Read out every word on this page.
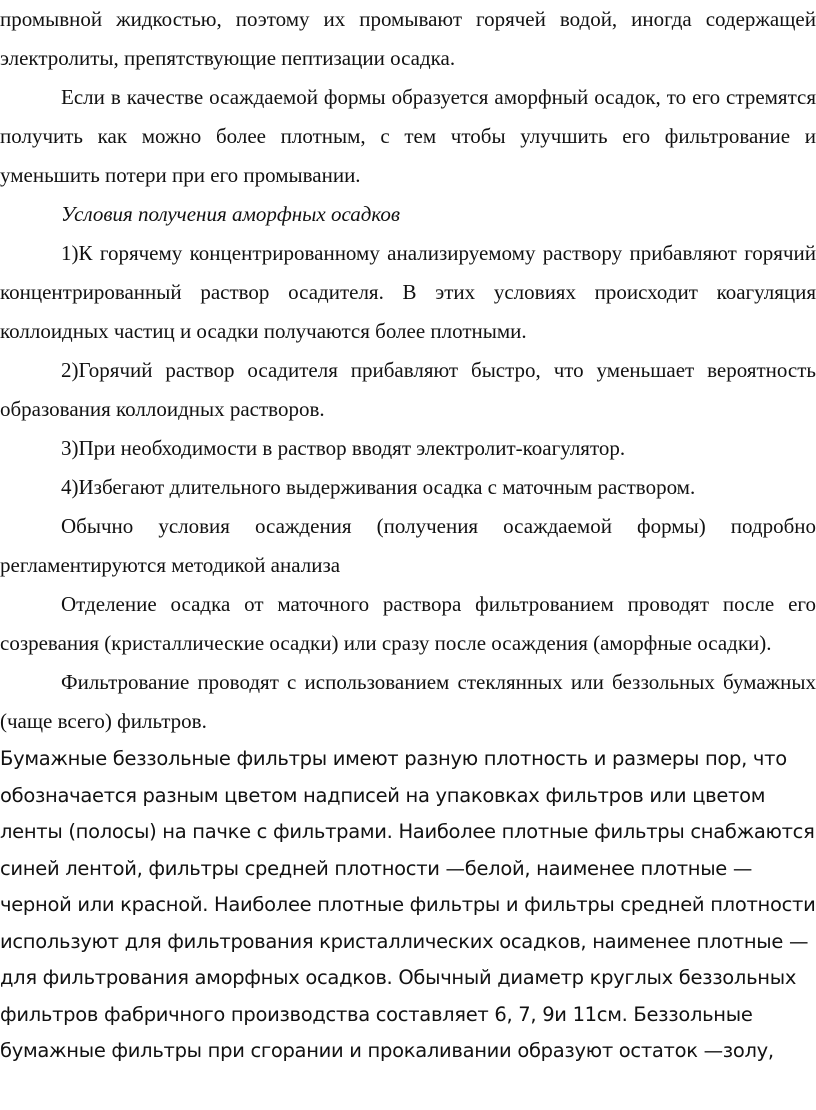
промывной жидкостью, поэтому их промывают горячей водой, иногда содержащей электролиты, препятствующие пептизации осадка.

Если в качестве осаждаемой формы образуется аморфный осадок, то его стремятся получить как можно более плотным, с тем чтобы улучшить его фильтрование и уменьшить потери при его промывании.

Условия получения аморфных осадков

1)К горячему концентрированному анализируемому раствору прибавляют горячий концентрированный раствор осадителя. В этих условиях происходит коагуляция коллоидных частиц и осадки получаются более плотными.

2)Горячий раствор осадителя прибавляют быстро, что уменьшает вероятность образования коллоидных растворов.

3)При необходимости в раствор вводят электролит-коагулятор.

4)Избегают длительного выдерживания осадка с маточным раствором.

Обычно условия осаждения (получения осаждаемой формы) подробно регламентируются методикой анализа

Отделение осадка от маточного раствора фильтрованием проводят после его созревания (кристаллические осадки) или сразу после осаждения (аморфные осадки).

Фильтрование проводят с использованием стеклянных или беззольных бумажных (чаще всего) фильтров.

Бумажные беззольные фильтры имеют разную плотность и размеры пор, что обозначается разным цветом надписей на упаковках фильтров или цветом ленты (полосы) на пачке с фильтрами. Наиболее плотные фильтры снабжаются синей лентой, фильтры средней плотности —белой, наименее плотные —черной или красной. Наиболее плотные фильтры и фильтры средней плотности используют для фильтрования кристаллических осадков, наименее плотные —для фильтрования аморфных осадков. Обычный диаметр круглых беззольных фильтров фабричного производства составляет 6, 7, 9и 11см. Беззольные бумажные фильтры при сгорании и прокаливании образуют остаток —золу,
